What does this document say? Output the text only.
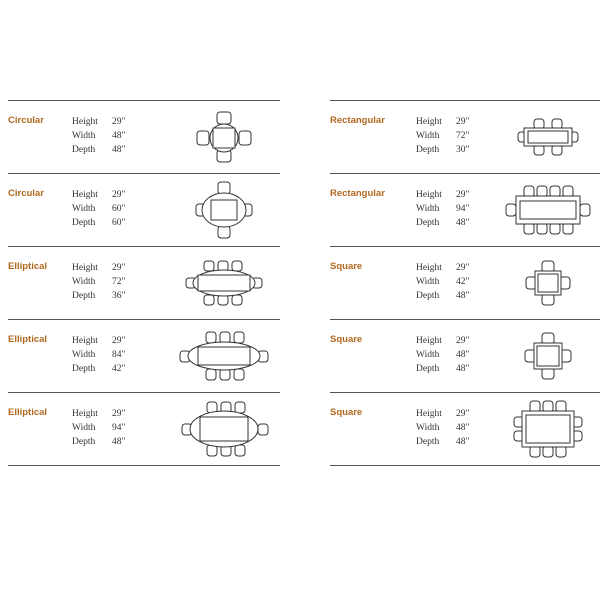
Circular	Height 29"
Width 48"
Depth 48"
Circular	Height 29"
Width 60"
Depth 60"
Elliptical	Height 29"
Width 72"
Depth 36"
Elliptical	Height 29"
Width 84"
Depth 42"
Elliptical	Height 29"
Width 94"
Depth 48"
Rectangular	Height 29"
Width 72"
Depth 30"
Rectangular	Height 29"
Width 94"
Depth 48"
Square	Height 29"
Width 42"
Depth 48"
Square	Height 29"
Width 48"
Depth 48"
Square	Height 29"
Width 48"
Depth 48"
